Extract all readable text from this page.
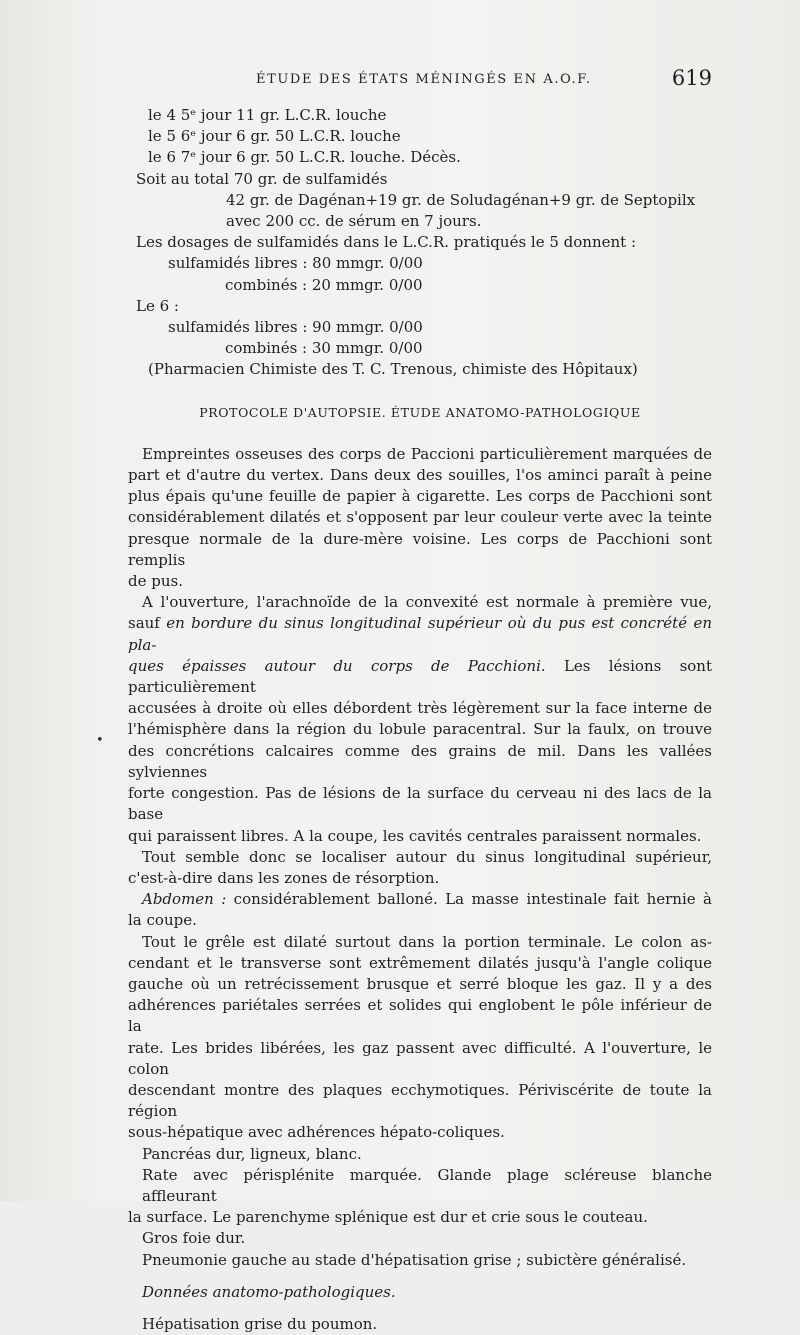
ÉTUDE DES ÉTATS MÉNINGÉS EN A.O.F.	619
•
le 4 5ᵉ jour 11 gr. L.C.R. louche
le 5 6ᵉ jour 6 gr. 50 L.C.R. louche
le 6 7ᵉ jour 6 gr. 50 L.C.R. louche. Décès.
Soit au total 70 gr. de sulfamidés
42 gr. de Dagénan+19 gr. de Soludagénan+9 gr. de Septopilx
avec 200 cc. de sérum en 7 jours.
Les dosages de sulfamidés dans le L.C.R. pratiqués le 5 donnent :
sulfamidés libres : 80 mmgr. 0/00
combinés : 20 mmgr. 0/00
Le 6 :
sulfamidés libres : 90 mmgr. 0/00
combinés : 30 mmgr. 0/00
(Pharmacien Chimiste des T. C. Trenous, chimiste des Hôpitaux)
PROTOCOLE D'AUTOPSIE. ÉTUDE ANATOMO-PATHOLOGIQUE
Empreintes osseuses des corps de Paccioni particulièrement marquées de
part et d'autre du vertex. Dans deux des souilles, l'os aminci paraît à peine
plus épais qu'une feuille de papier à cigarette. Les corps de Pacchioni sont
considérablement dilatés et s'opposent par leur couleur verte avec la teinte
presque normale de la dure-mère voisine. Les corps de Pacchioni sont remplis
de pus.
A l'ouverture, l'arachnoïde de la convexité est normale à première vue,
sauf en bordure du sinus longitudinal supérieur où du pus est concrété en pla-
ques épaisses autour du corps de Pacchioni. Les lésions sont particulièrement
accusées à droite où elles débordent très légèrement sur la face interne de
l'hémisphère dans la région du lobule paracentral. Sur la faulx, on trouve
des concrétions calcaires comme des grains de mil. Dans les vallées sylviennes
forte congestion. Pas de lésions de la surface du cerveau ni des lacs de la base
qui paraissent libres. A la coupe, les cavités centrales paraissent normales.
Tout semble donc se localiser autour du sinus longitudinal supérieur,
c'est-à-dire dans les zones de résorption.
Abdomen : considérablement balloné. La masse intestinale fait hernie à
la coupe.
Tout le grêle est dilaté surtout dans la portion terminale. Le colon as-
cendant et le transverse sont extrêmement dilatés jusqu'à l'angle colique
gauche où un retrécissement brusque et serré bloque les gaz. Il y a des
adhérences pariétales serrées et solides qui englobent le pôle inférieur de la
rate. Les brides libérées, les gaz passent avec difficulté. A l'ouverture, le colon
descendant montre des plaques ecchymotiques. Périviscérite de toute la région
sous-hépatique avec adhérences hépato-coliques.
Pancréas dur, ligneux, blanc.
Rate avec périsplénite marquée. Glande plage scléreuse blanche affleurant
la surface. Le parenchyme splénique est dur et crie sous le couteau.
Gros foie dur.
Pneumonie gauche au stade d'hépatisation grise ; subictère généralisé.
Données anatomo-pathologiques.
Hépatisation grise du poumon.
